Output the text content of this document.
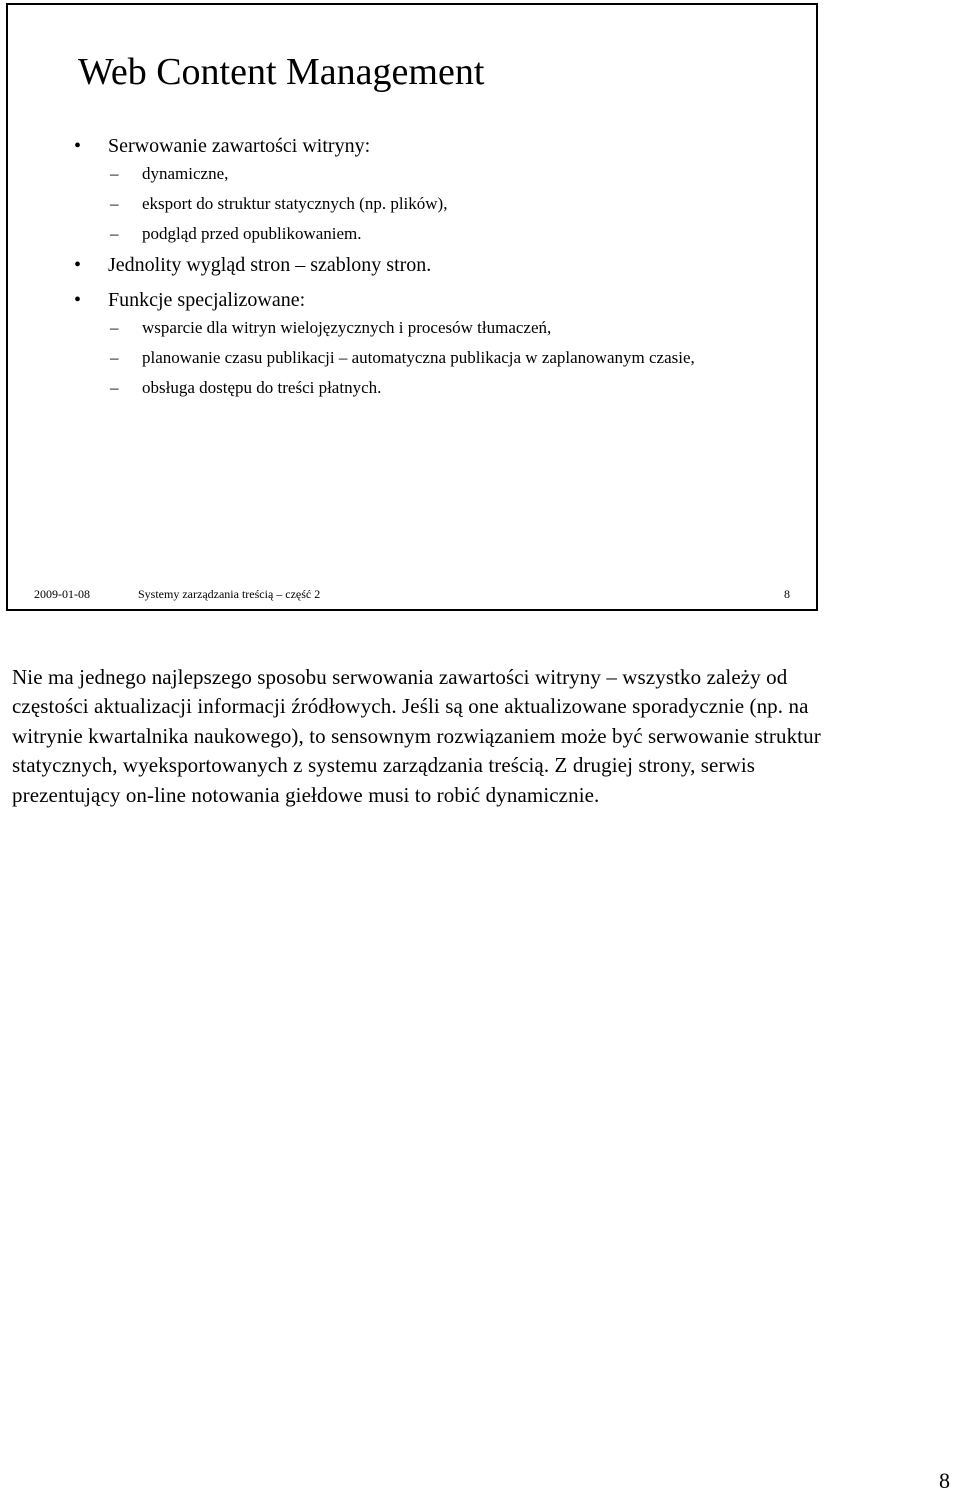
Web Content Management
• Serwowanie zawartości witryny:
– dynamiczne,
– eksport do struktur statycznych (np. plików),
– podgląd przed opublikowaniem.
• Jednolity wygląd stron – szablony stron.
• Funkcje specjalizowane:
– wsparcie dla witryn wielojęzycznych i procesów tłumaczeń,
– planowanie czasu publikacji – automatyczna publikacja w zaplanowanym czasie,
– obsługa dostępu do treści płatnych.
2009-01-08	Systemy zarządzania treścią – część 2	8

Nie ma jednego najlepszego sposobu serwowania zawartości witryny – wszystko zależy od częstości aktualizacji informacji źródłowych. Jeśli są one aktualizowane sporadycznie (np. na witrynie kwartalnika naukowego), to sensownym rozwiązaniem może być serwowanie struktur statycznych, wyeksportowanych z systemu zarządzania treścią. Z drugiej strony, serwis prezentujący on-line notowania giełdowe musi to robić dynamicznie.

8
